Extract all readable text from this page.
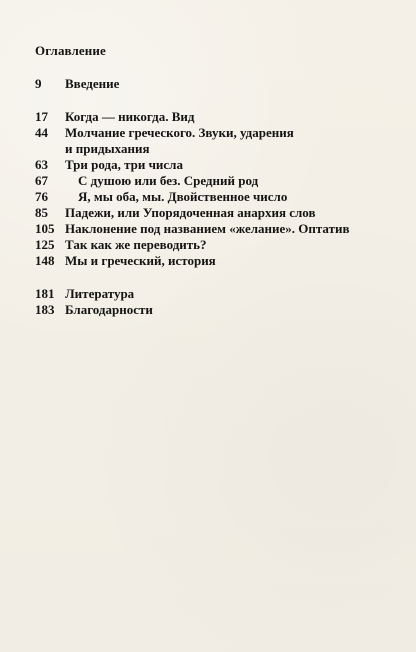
Оглавление
9	Введение
17	Когда — никогда. Вид
44	Молчание греческого. Звуки, ударения
и придыхания
63	Три рода, три числа
67	С душою или без. Средний род
76	Я, мы оба, мы. Двойственное число
85	Падежи, или Упорядоченная анархия слов
105 Наклонение под названием «желание». Оптатив
125 Так как же переводить?
148 Мы и греческий, история
181 Литература
183 Благодарности
